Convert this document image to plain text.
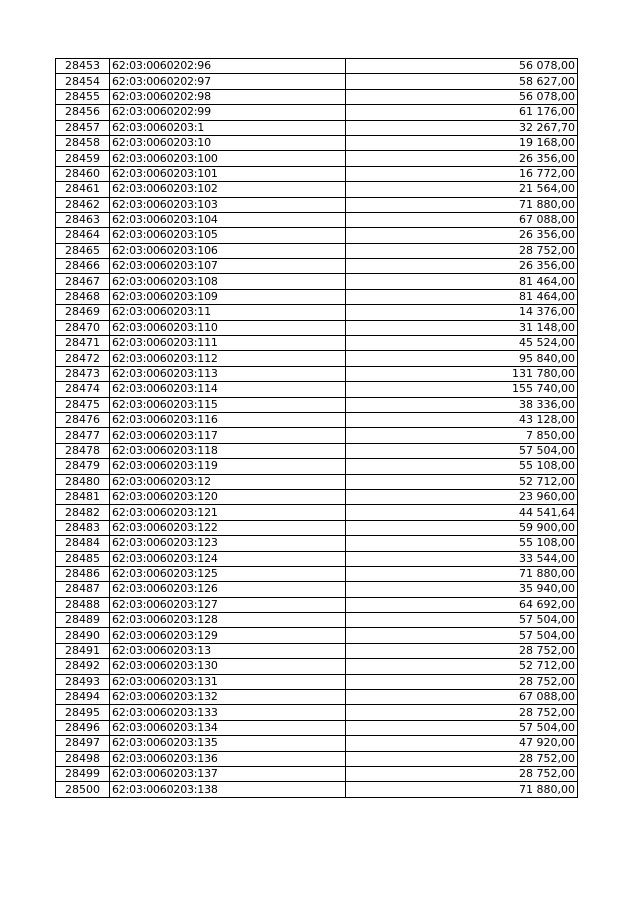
28453	62:03:0060202:96	56 078,00
28454	62:03:0060202:97	58 627,00
28455	62:03:0060202:98	56 078,00
28456	62:03:0060202:99	61 176,00
28457	62:03:0060203:1	32 267,70
28458	62:03:0060203:10	19 168,00
28459	62:03:0060203:100	26 356,00
28460	62:03:0060203:101	16 772,00
28461	62:03:0060203:102	21 564,00
28462	62:03:0060203:103	71 880,00
28463	62:03:0060203:104	67 088,00
28464	62:03:0060203:105	26 356,00
28465	62:03:0060203:106	28 752,00
28466	62:03:0060203:107	26 356,00
28467	62:03:0060203:108	81 464,00
28468	62:03:0060203:109	81 464,00
28469	62:03:0060203:11	14 376,00
28470	62:03:0060203:110	31 148,00
28471	62:03:0060203:111	45 524,00
28472	62:03:0060203:112	95 840,00
28473	62:03:0060203:113	131 780,00
28474	62:03:0060203:114	155 740,00
28475	62:03:0060203:115	38 336,00
28476	62:03:0060203:116	43 128,00
28477	62:03:0060203:117	7 850,00
28478	62:03:0060203:118	57 504,00
28479	62:03:0060203:119	55 108,00
28480	62:03:0060203:12	52 712,00
28481	62:03:0060203:120	23 960,00
28482	62:03:0060203:121	44 541,64
28483	62:03:0060203:122	59 900,00
28484	62:03:0060203:123	55 108,00
28485	62:03:0060203:124	33 544,00
28486	62:03:0060203:125	71 880,00
28487	62:03:0060203:126	35 940,00
28488	62:03:0060203:127	64 692,00
28489	62:03:0060203:128	57 504,00
28490	62:03:0060203:129	57 504,00
28491	62:03:0060203:13	28 752,00
28492	62:03:0060203:130	52 712,00
28493	62:03:0060203:131	28 752,00
28494	62:03:0060203:132	67 088,00
28495	62:03:0060203:133	28 752,00
28496	62:03:0060203:134	57 504,00
28497	62:03:0060203:135	47 920,00
28498	62:03:0060203:136	28 752,00
28499	62:03:0060203:137	28 752,00
28500	62:03:0060203:138	71 880,00
